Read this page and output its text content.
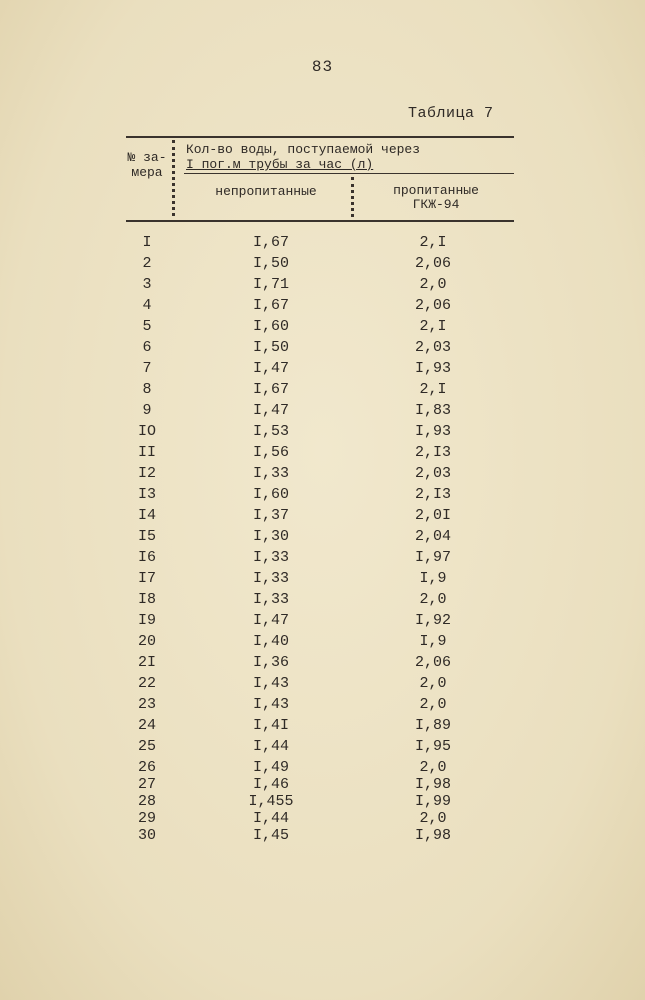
83
Таблица 7
№ за-
мера
Кол-во воды, поступаемой через
I пог.м трубы за час (л)
непропитанные	пропитанные
ГКЖ-94
I	I,67	2,I
2	I,50	2,06
3	I,71	2,0
4	I,67	2,06
5	I,60	2,I
6	I,50	2,03
7	I,47	I,93
8	I,67	2,I
9	I,47	I,83
IO	I,53	I,93
II	I,56	2,I3
I2	I,33	2,03
I3	I,60	2,I3
I4	I,37	2,0I
I5	I,30	2,04
I6	I,33	I,97
I7	I,33	I,9
I8	I,33	2,0
I9	I,47	I,92
20	I,40	I,9
2I	I,36	2,06
22	I,43	2,0
23	I,43	2,0
24	I,4I	I,89
25	I,44	I,95
26	I,49	2,0
27	I,46	I,98
28	I,455	I,99
29	I,44	2,0
30	I,45	I,98
